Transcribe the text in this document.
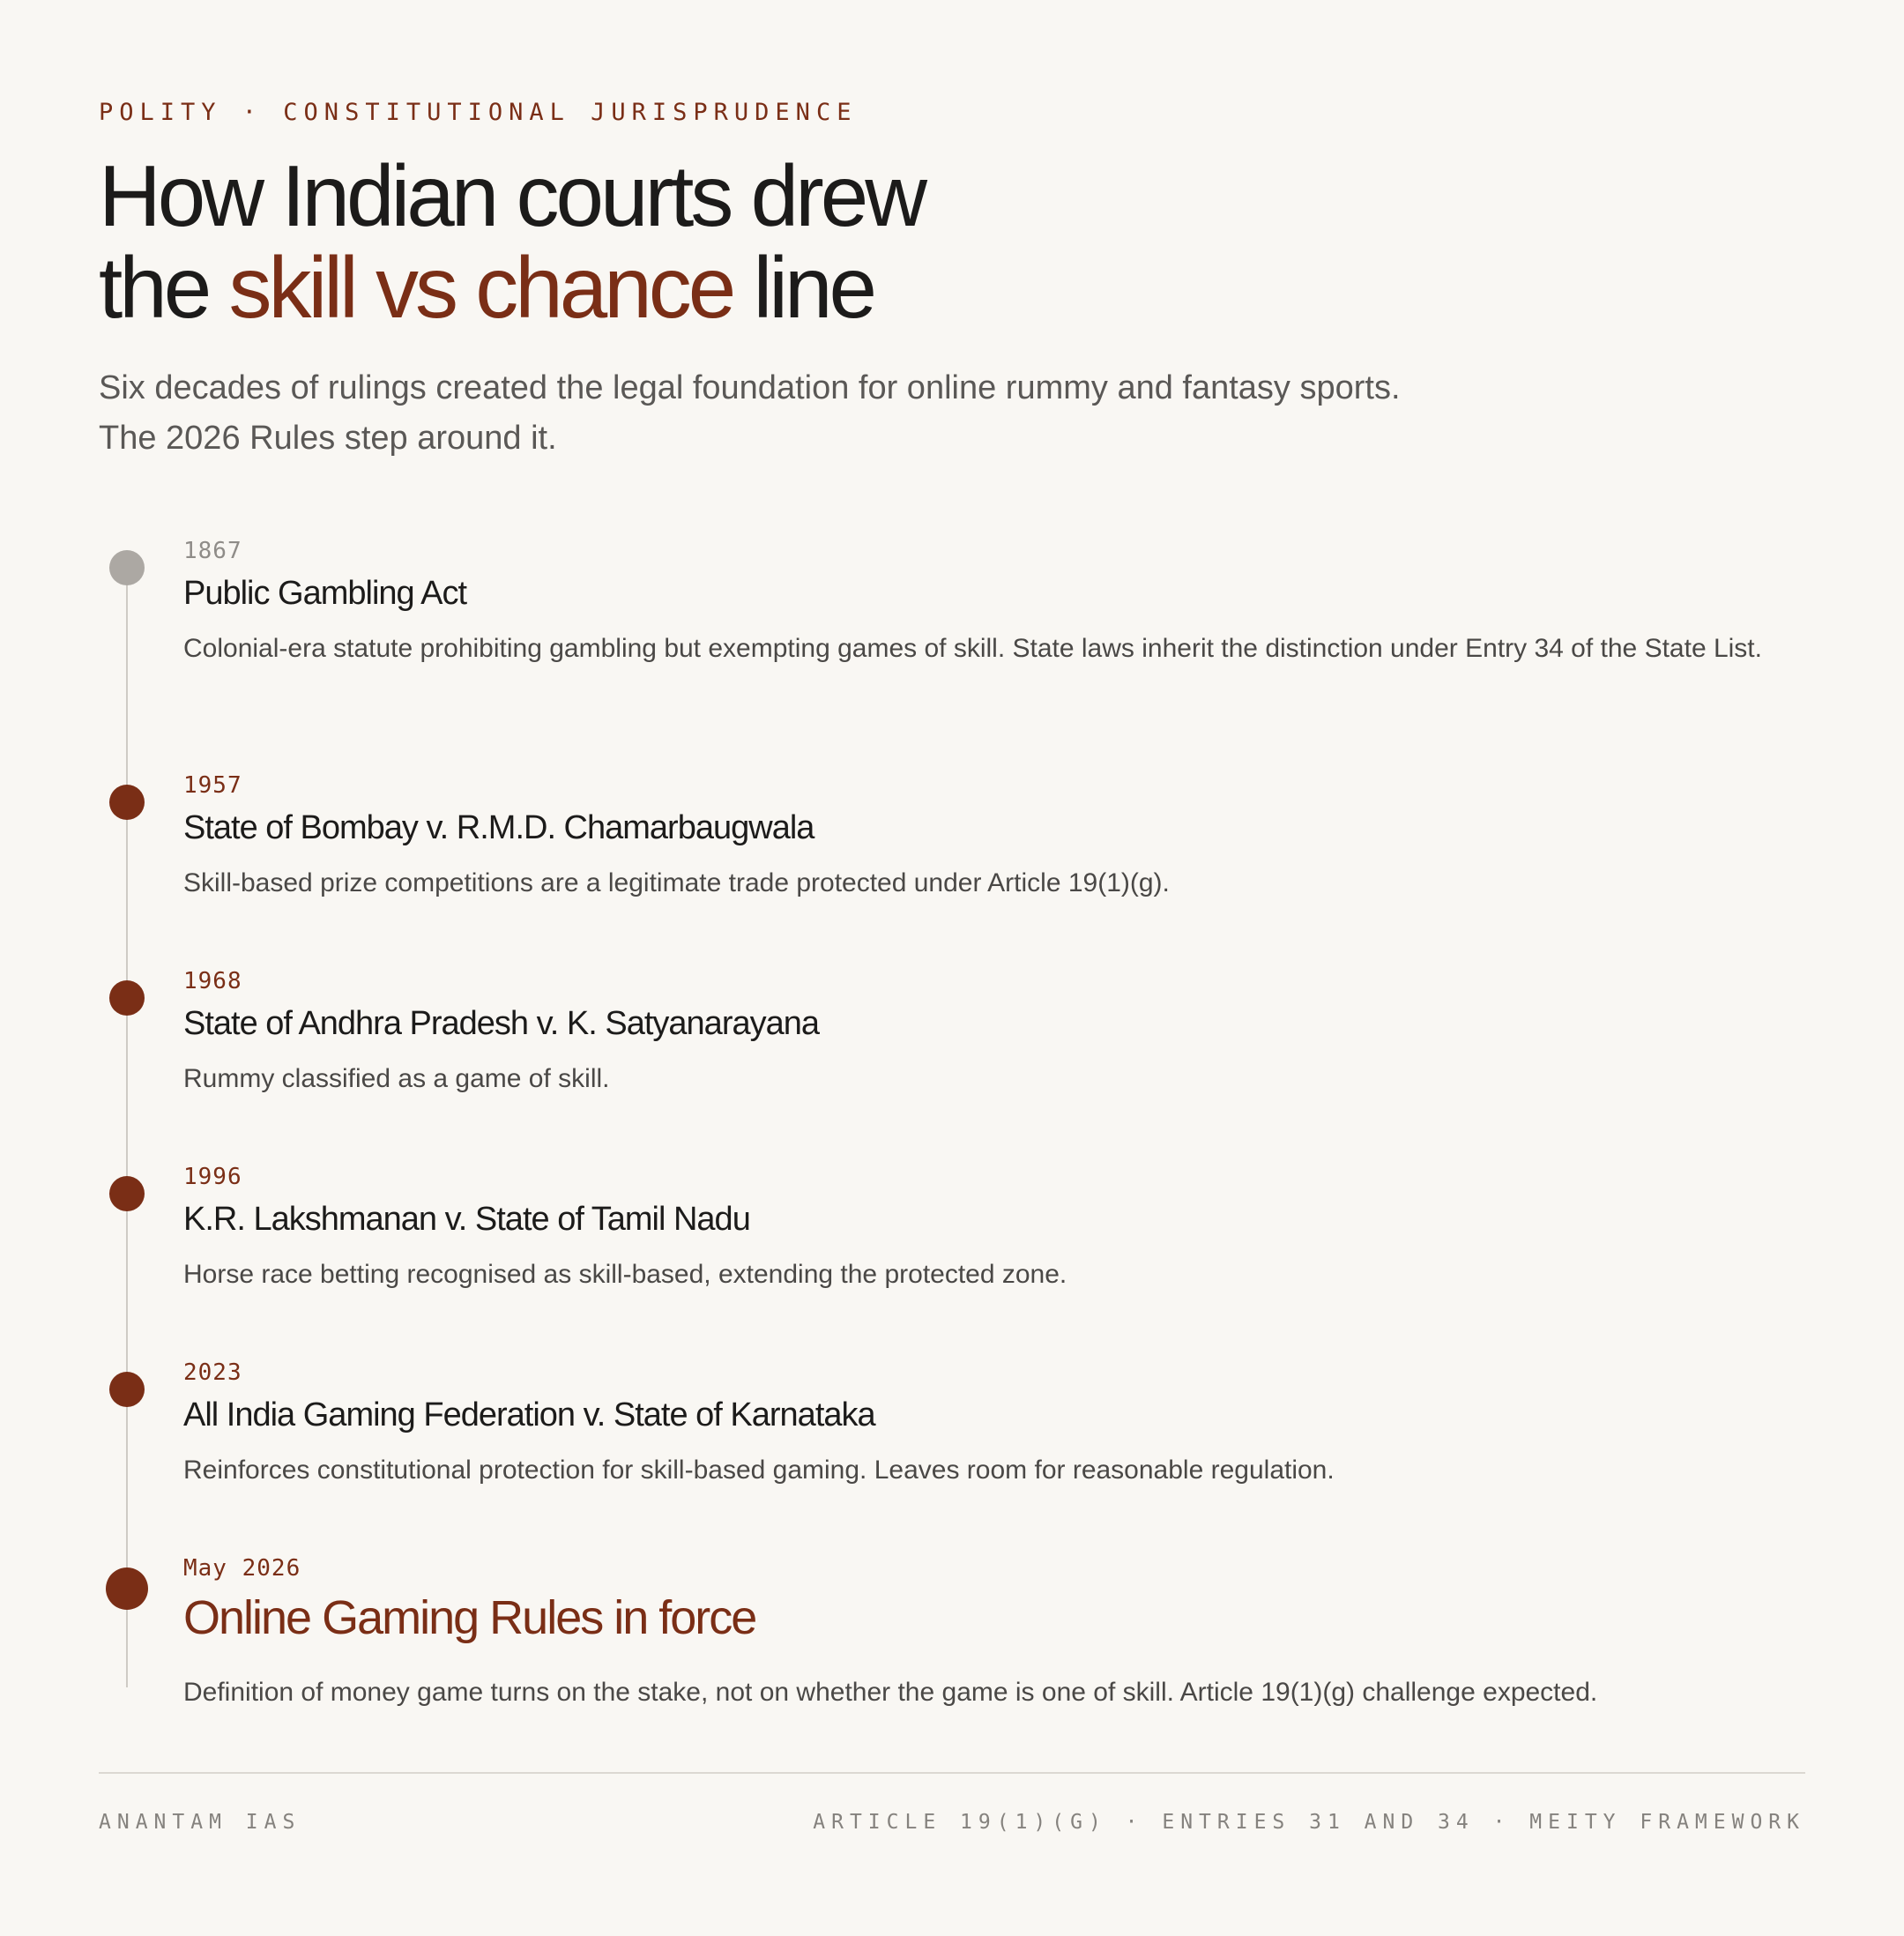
POLITY · CONSTITUTIONAL JURISPRUDENCE
How Indian courts drew
the skill vs chance line
Six decades of rulings created the legal foundation for online rummy and fantasy sports.
The 2026 Rules step around it.
1867
Public Gambling Act
Colonial-era statute prohibiting gambling but exempting games of skill. State laws inherit the distinction under Entry 34 of the State List.
1957
State of Bombay v. R.M.D. Chamarbaugwala
Skill-based prize competitions are a legitimate trade protected under Article 19(1)(g).
1968
State of Andhra Pradesh v. K. Satyanarayana
Rummy classified as a game of skill.
1996
K.R. Lakshmanan v. State of Tamil Nadu
Horse race betting recognised as skill-based, extending the protected zone.
2023
All India Gaming Federation v. State of Karnataka
Reinforces constitutional protection for skill-based gaming. Leaves room for reasonable regulation.
May 2026
Online Gaming Rules in force
Definition of money game turns on the stake, not on whether the game is one of skill. Article 19(1)(g) challenge expected.
ANANTAM IAS	ARTICLE 19(1)(G) · ENTRIES 31 AND 34 · MEITY FRAMEWORK
